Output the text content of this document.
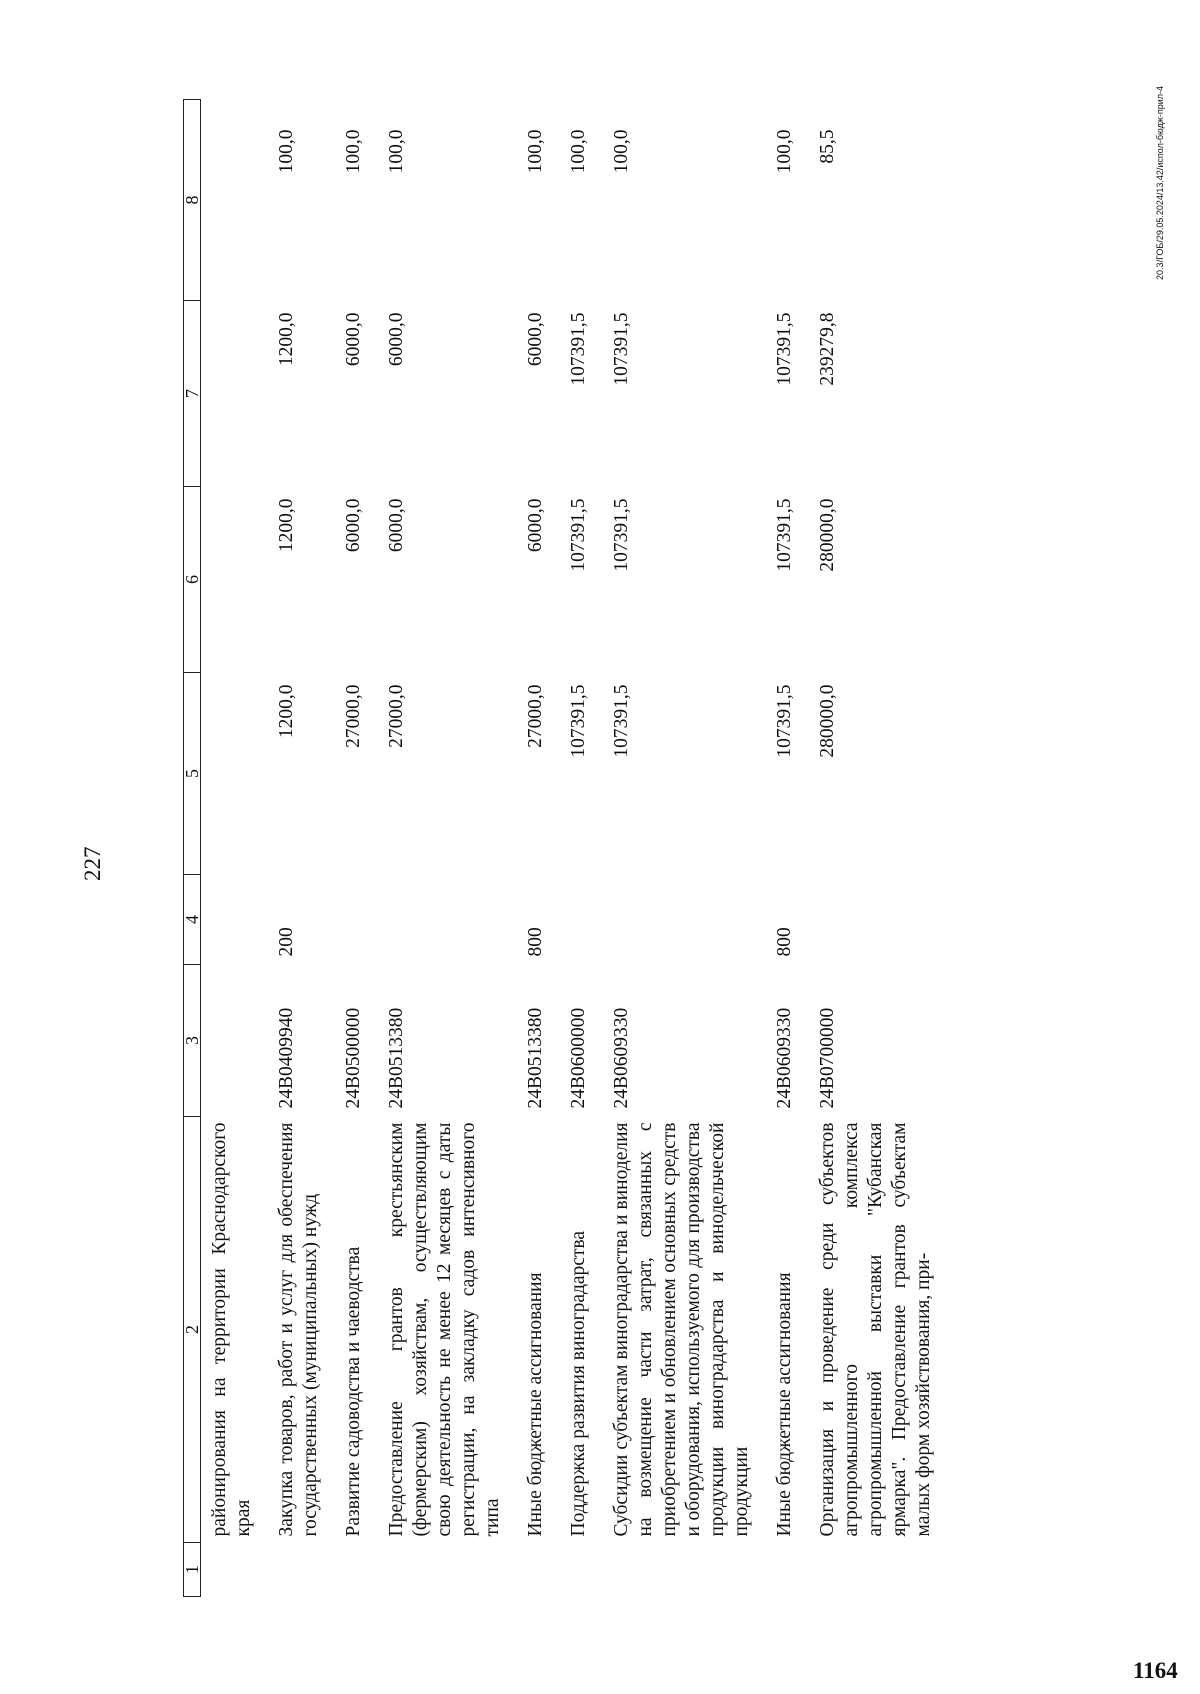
227
1	2	3	4	5	6	7	8
	районирования на территории Краснодарского края						
	Закупка товаров, работ и услуг для обеспечения государственных (муниципальных) нужд	24В0409940	200	1200,0	1200,0	1200,0	100,0
	Развитие садоводства и чаеводства	24В0500000		27000,0	6000,0	6000,0	100,0
	Предоставление грантов крестьянским (фермерским) хозяйствам, осуществляющим свою деятельность не менее 12 месяцев с даты регистрации, на закладку садов интенсивного типа	24В0513380		27000,0	6000,0	6000,0	100,0
	Иные бюджетные ассигнования	24В0513380	800	27000,0	6000,0	6000,0	100,0
	Поддержка развития виноградарства	24В0600000		107391,5	107391,5	107391,5	100,0
	Субсидии субъектам виноградарства и виноделия на возмещение части затрат, связанных с приобретением и обновлением основных средств и оборудования, используемого для производства продукции виноградарства и винодельческой продукции	24В0609330		107391,5	107391,5	107391,5	100,0
	Иные бюджетные ассигнования	24В0609330	800	107391,5	107391,5	107391,5	100,0
	Организация и проведение среди субъектов агропромышленного комплекса агропромышленной выставки "Кубанская ярмарка". Предоставление грантов субъектам малых форм хозяйствования, при-	24В0700000		280000,0	280000,0	239279,8	85,5	20.3/ГОБ/29.05.2024/13.42/испол-бюдж-прил-4
1164
